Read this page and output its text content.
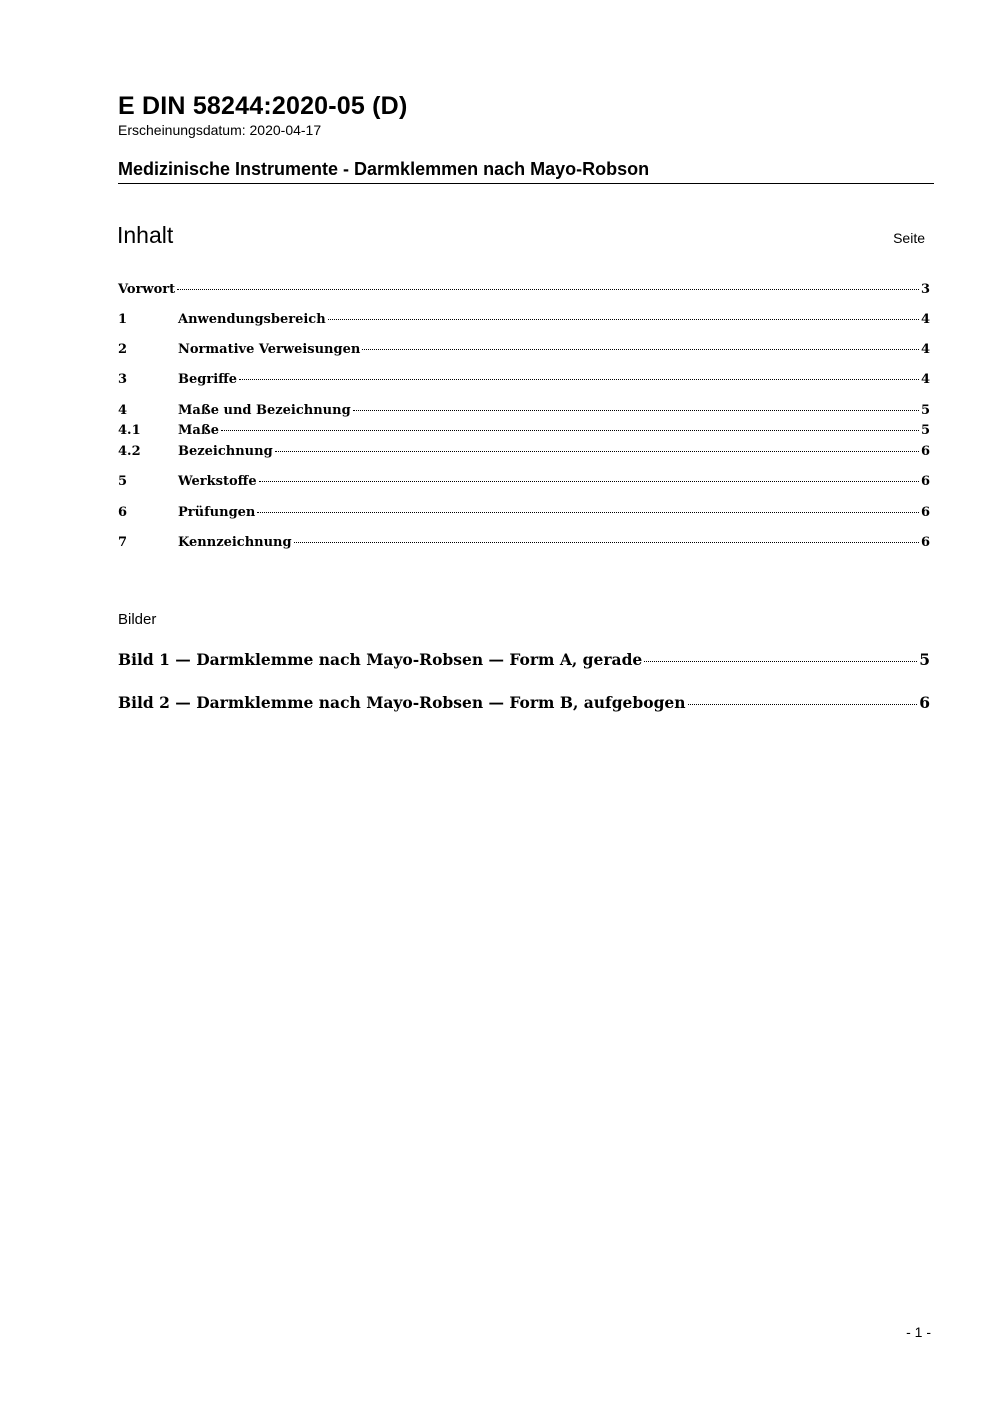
E DIN 58244:2020-05 (D)
Erscheinungsdatum: 2020-04-17
Medizinische Instrumente - Darmklemmen nach Mayo-Robson
Inhalt	Seite
Vorwort	3
1	Anwendungsbereich	4
2	Normative Verweisungen	4
3	Begriffe	4
4	Maße und Bezeichnung	5
4.1	Maße	5
4.2	Bezeichnung	6
5	Werkstoffe	6
6	Prüfungen	6
7	Kennzeichnung	6
Bilder
Bild 1 — Darmklemme nach Mayo-Robsen — Form A, gerade	5
Bild 2 — Darmklemme nach Mayo-Robsen — Form B, aufgebogen	6
- 1 -
